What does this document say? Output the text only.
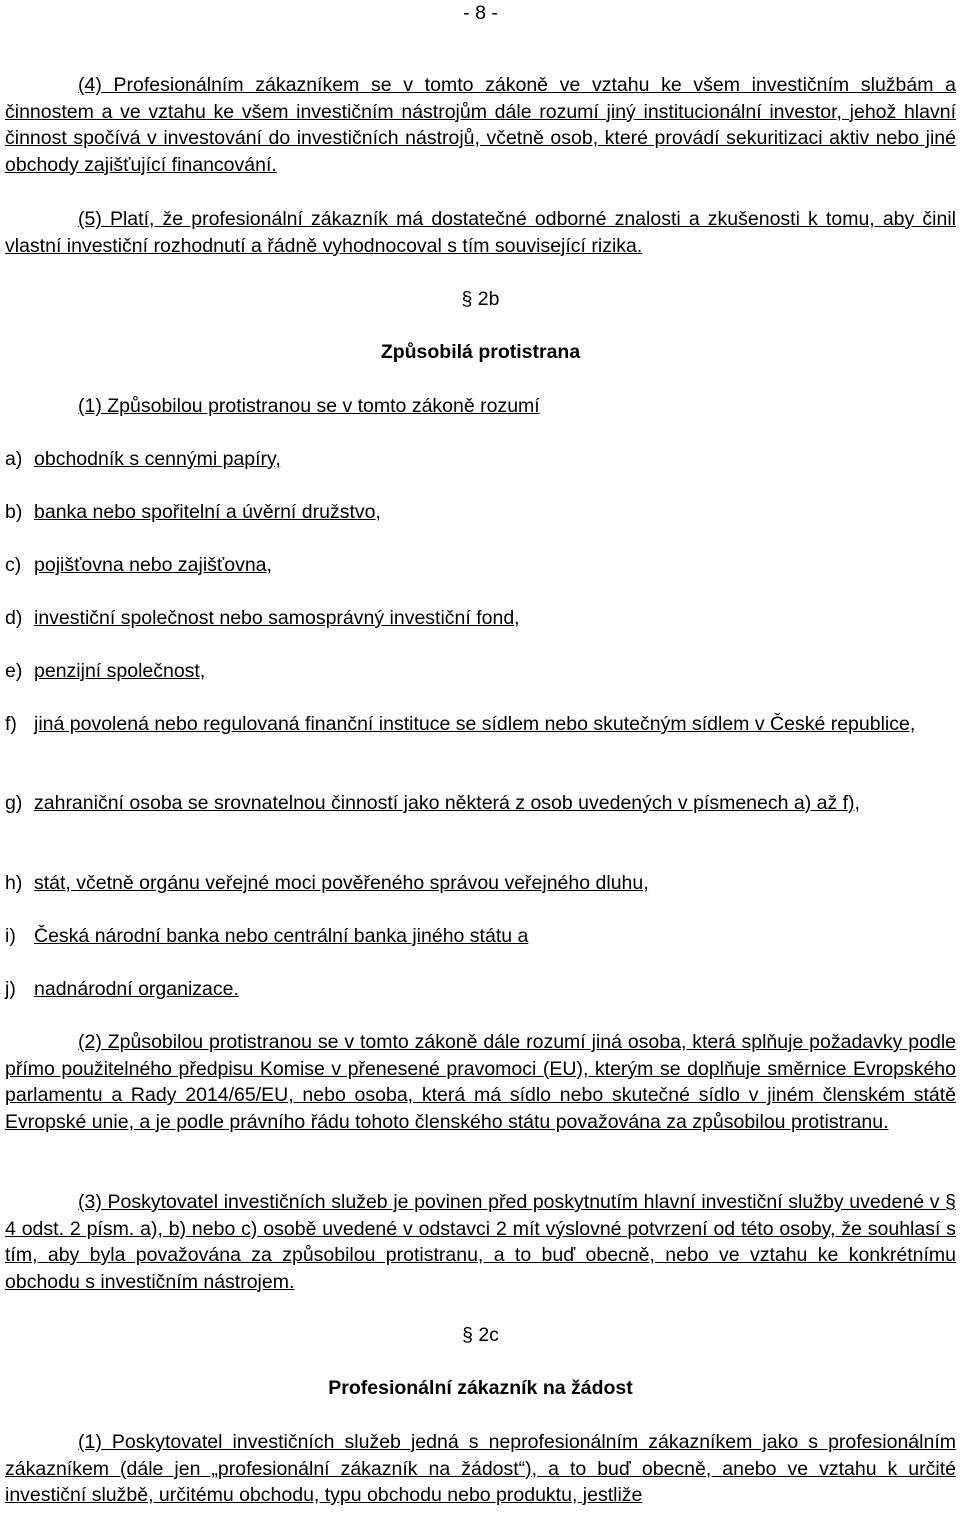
- 8 -
(4) Profesionálním zákazníkem se v tomto zákoně ve vztahu ke všem investičním službám a činnostem a ve vztahu ke všem investičním nástrojům dále rozumí jiný institucionální investor, jehož hlavní činnost spočívá v investování do investičních nástrojů, včetně osob, které provádí sekuritizaci aktiv nebo jiné obchody zajišťující financování.
(5) Platí, že profesionální zákazník má dostatečné odborné znalosti a zkušenosti k tomu, aby činil vlastní investiční rozhodnutí a řádně vyhodnocoval s tím související rizika.
§ 2b
Způsobilá protistrana
(1) Způsobilou protistranou se v tomto zákoně rozumí
a) obchodník s cennými papíry,
b) banka nebo spořitelní a úvěrní družstvo,
c) pojišťovna nebo zajišťovna,
d) investiční společnost nebo samosprávný investiční fond,
e) penzijní společnost,
f) jiná povolená nebo regulovaná finanční instituce se sídlem nebo skutečným sídlem v České republice,
g) zahraniční osoba se srovnatelnou činností jako některá z osob uvedených v písmenech a) až f),
h) stát, včetně orgánu veřejné moci pověřeného správou veřejného dluhu,
i) Česká národní banka nebo centrální banka jiného státu a
j) nadnárodní organizace.
(2) Způsobilou protistranou se v tomto zákoně dále rozumí jiná osoba, která splňuje požadavky podle přímo použitelného předpisu Komise v přenesené pravomoci (EU), kterým se doplňuje směrnice Evropského parlamentu a Rady 2014/65/EU, nebo osoba, která má sídlo nebo skutečné sídlo v jiném členském státě Evropské unie, a je podle právního řádu tohoto členského státu považována za způsobilou protistranu.
(3) Poskytovatel investičních služeb je povinen před poskytnutím hlavní investiční služby uvedené v § 4 odst. 2 písm. a), b) nebo c) osobě uvedené v odstavci 2 mít výslovné potvrzení od této osoby, že souhlasí s tím, aby byla považována za způsobilou protistranu, a to buď obecně, nebo ve vztahu ke konkrétnímu obchodu s investičním nástrojem.
§ 2c
Profesionální zákazník na žádost
(1) Poskytovatel investičních služeb jedná s neprofesionálním zákazníkem jako s profesionálním zákazníkem (dále jen „profesionální zákazník na žádost“), a to buď obecně, anebo ve vztahu k určité investiční službě, určitému obchodu, typu obchodu nebo produktu, jestliže
